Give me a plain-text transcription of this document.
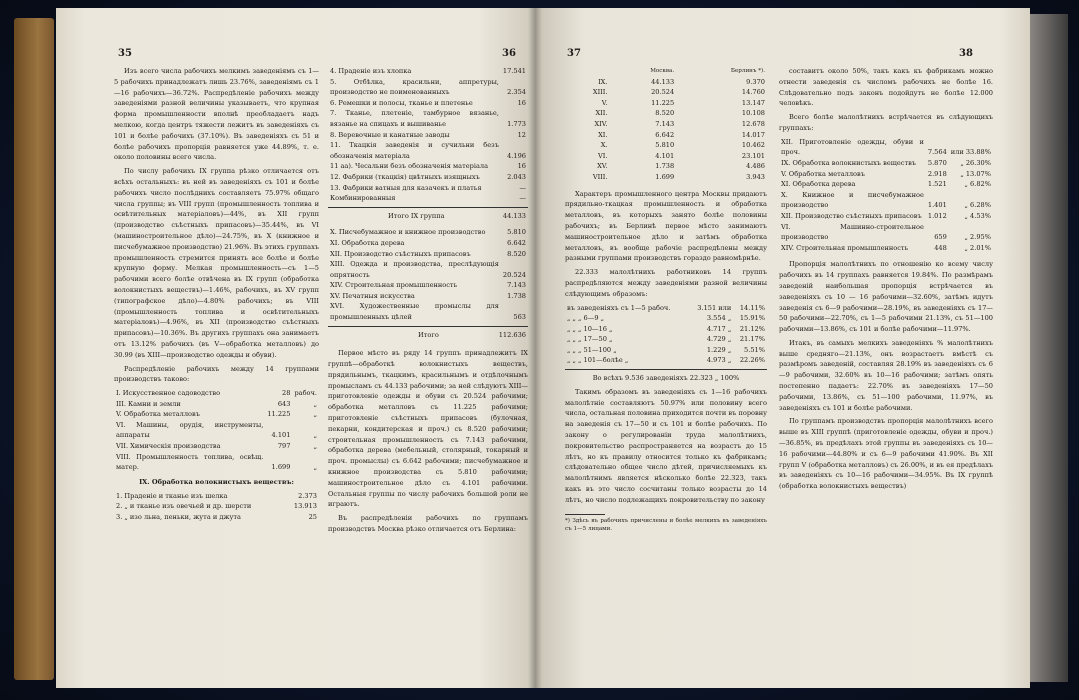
35	36

Изъ всего числа рабочихъ мелкимъ заведеніямъ съ 1—5 рабочихъ принадлежатъ лишь 23.76%, заведеніямъ съ 1—16 рабочихъ—36.72%. Распредѣленіе рабочихъ между заведеніями разной величины указываетъ, что крупная форма промышленности вполнѣ преобладаетъ надъ мелкою, когда центръ тяжести лежитъ въ заведеніяхъ съ 101 и болѣе рабочихъ (37.10%). Въ заведеніяхъ съ 51 и болѣе рабочихъ пропорція равняется уже 44.89%, т. е. около половины всего числа.

По числу рабочихъ IX группа рѣзко отличается отъ всѣхъ остальныхъ: въ ней въ заведеніяхъ съ 101 и болѣе рабочихъ число послѣднихъ составляетъ 75.97% общаго числа группы; въ VIII групп (промышленность топлива и освѣтительных матеріаловъ)—44%, въ XII групп (производство съѣстныхъ припасовъ)—35.44%, въ VI (машиностроительное дѣло)—24.75%, въ X (книжное и писчебумажное производство) 21.96%. Въ этихъ группахъ промышленность стремится принять все болѣе и болѣе крупную форму. Мелкая промышленность—съ 1—5 рабочими всего болѣе отвѣчена въ IX групп (обработка волокнистыхъ веществъ)—1.46%, рабочихъ, въ XV групп (типографское дѣло)—4.80% рабочихъ; въ VIII (промышленность топлива и освѣтительныхъ матеріаловъ)—4.96%, въ XII (производство съѣстныхъ припасовъ)—10.36%. Въ другихъ группахъ она занимаетъ отъ 13.12% рабочихъ (въ V—обработка металловъ) до 30.99 (въ XIII—производство одежды и обуви).

Распредѣленіе рабочихъ между 14 группами производствъ таково:

I. Искусственное садоводство	28	рабоч.
III. Камни и земли	643	„
V. Обработка металловъ	11.225	„
VI. Машины, орудія, инструменты, аппараты	4.101	„
VII. Химическія производства	797	„
VIII. Промышленность топлива, освѣщ. матер.	1.699	„

IX. Обработка волокнистыхъ веществъ:

1. Праденіе и тканье изъ шелка	2.373
2. „ и тканье изъ овечьей и др. шерсти	13.913
3. „ изо льна, пеньки, жута и джута	25
4. Праденіе изъ хлопка	17.541
5. Отбѣлка, красильни, аппретуры, производство не поименованныхъ	2.354
6. Ремешки и полосы, тканье и плетенье	16
7. Тканье, плетеніе, тамбурное вязанье, вязанье на спицахъ и вышиванье	1.773
8. Веревочные и канатные заводы	12
11. Ткацкія заведенія и сучильни безъ обозначенія матеріала	4.196
11 аа). Чесальни безъ обозначенія матеріала	16
12. Фабрики (ткацкія) цвѣтныхъ изящныхъ	2.043
13. Фабрики ватныя для казачекъ и платья	—
Комбинированныя	—
Итого IX группа	44.133
X. Писчебумажное и книжное производство	5.810
XI. Обработка дерева	6.642
XII. Производство съѣстныхъ припасовъ	8.520
XIII. Одежда и производства, преслѣдующія опрятность	20.524
XIV. Строительная промышленность	7.143
XV. Печатныя искусства	1.738
XVI. Художественные промыслы для промышленныхъ цѣлей	563
Итого	112.636

Первое мѣсто въ ряду 14 группъ принадлежитъ IX группѣ—обработкѣ волокнистыхъ веществъ, прядильнымъ, ткацкимъ, красильнымъ и отдѣлочнымъ промысламъ съ 44.133 рабочими; за ней слѣдуютъ XIII—приготовленіе одежды и обуви съ 20.524 рабочими; обработка металловъ съ 11.225 рабочими; приготовленіе съѣстныхъ припасовъ (булочная, пекарни, кондитерская и проч.) съ 8.520 рабочими; строительная промышленность съ 7.143 рабочими, обработка дерева (мебельный, столярный, токарный и проч. промыслы) съ 6.642 рабочими; писчебумажное и книжное производства съ 5.810 рабочими; машиностроительное дѣло съ 4.101 рабочими. Остальныя группы по числу рабочихъ большой роли не играютъ.

Въ распредѣленіи рабочихъ по группамъ производствъ Москва рѣзко отличается отъ Берлина:

37	38
	Москва.	Берлинъ *).
IX.	44.133	9.370
XIII.	20.524	14.760
V.	11.225	13.147
XII.	8.520	10.108
XIV.	7.143	12.678
XI.	6.642	14.017
X.	5.810	10.462
VI.	4.101	23.101
XV.	1.738	4.486
VIII.	1.699	3.943

Характеръ промышленного центра Москвы придаютъ прядильно-ткацкая промышленность и обработка металловъ, въ которыхъ занято болѣе половины рабочихъ; въ Берлинѣ первое мѣсто занимаютъ машиностроительное дѣло и затѣмъ обработка металловъ, въ вообще рабочіе распредѣлены между разными группами производствъ гораздо равномѣрнѣе.

22.333 малолѣтнихъ работниковъ 14 группъ распредѣляются между заведеніями разной величины слѣдующимъ образомъ:

въ заведеніяхъ съ 1—5 рабоч.	3.151 или	14.11%
„ „ „ 6—9 „	3.554 „	15.91%
„ „ „ 10—16 „	4.717 „	21.12%
„ „ „ 17—50 „	4.729 „	21.17%
„ „ „ 51—100 „	1.229 „	5.51%
„ „ „ 101—болѣе „	4.973 „	22.26%

Во всѣхъ 9.536 заведеніяхъ 22.323 „ 100%

Такимъ образомъ въ заведеніяхъ съ 1—16 рабочихъ малолѣтніе составляютъ 50.97% или половину всего числа, остальная половина приходится почти въ поровну на заведенія съ 17—50 и съ 101 и болѣе рабочихъ. По закону о регулированіи труда малолѣтнихъ, покровительство распространяется на возрастъ до 15 лѣтъ, но къ правилу относится только къ фабрикамъ; слѣдовательно общее число дѣтей, причисляемыхъ къ малолѣтнимъ является нѣсколько болѣе 22.323, такъ какъ въ это число сосчитаны только возрасты до 14 лѣтъ, но число подлежащихъ покровительству по закону

*) Здѣсь въ рабочихъ причислены и болѣе мелкихъ въ заведеніяхъ съ 1—5 лицами.

составитъ около 50%, такъ какъ къ фабрикамъ можно отнести заведенія съ числомъ рабочихъ не болѣе 16. Слѣдовательно подъ законъ подойдутъ не болѣе 12.000 человѣкъ.

Всего болѣе малолѣтнихъ встрѣчается въ слѣдующихъ группахъ:

XII. Приготовленіе одежды, обуви и проч.	7.564	или 33.88%
IX. Обработка волокнистыхъ веществъ	5.870	„ 26.30%
V. Обработка металловъ	2.918	„ 13.07%
XI. Обработка дерева	1.521	„ 6.82%
X. Книжное и писчебумажное производство	1.401	„ 6.28%
XII. Производство съѣстныхъ припасовъ	1.012	„ 4.53%
VI. Машинно-строительное производство	659	„ 2.95%
XIV. Строительная промышленность	448	„ 2.01%

Пропорція малолѣтнихъ по отношенію ко всему числу рабочихъ въ 14 группахъ равняется 19.84%. По размѣрамъ заведеній наибольшая пропорція встрѣчается въ заведеніяхъ съ 10 — 16 рабочими—32.60%, затѣмъ идутъ заведенія съ 6—9 рабочими—28.19%, въ заведеніяхъ съ 17—50 рабочими—22.70%, съ 1—5 рабочими 21.13%, съ 51—100 рабочими—13.86%, съ 101 и болѣе рабочими—11.97%.

Итакъ, въ самыхъ мелкихъ заведеніяхъ % малолѣтнихъ выше средняго—21.13%, онъ возрастаетъ вмѣстѣ съ размѣромъ заведеній, составляя 28.19% въ заведеніяхъ съ 6—9 рабочими, 32.60% въ 10—16 рабочими; затѣмъ опять постепенно падаетъ: 22.70% въ заведеніяхъ 17—50 рабочими, 13.86%, съ 51—100 рабочими, 11.97%, въ заведеніяхъ съ 101 и болѣе рабочими.

По группамъ производствъ пропорція малолѣтнихъ всего выше въ XIII группѣ (приготовленіе одежды, обуви и проч.)—36.85%, въ предѣлахъ этой группы въ заведеніяхъ съ 10—16 рабочими—44.80% и съ 6—9 рабочими 41.90%. Въ XII групп V (обработка металловъ) съ 26.00%, и въ ея предѣлахъ въ заведеніяхъ съ 10—16 рабочими—34.95%. Въ IX группѣ (обработка волокнистыхъ веществъ)
